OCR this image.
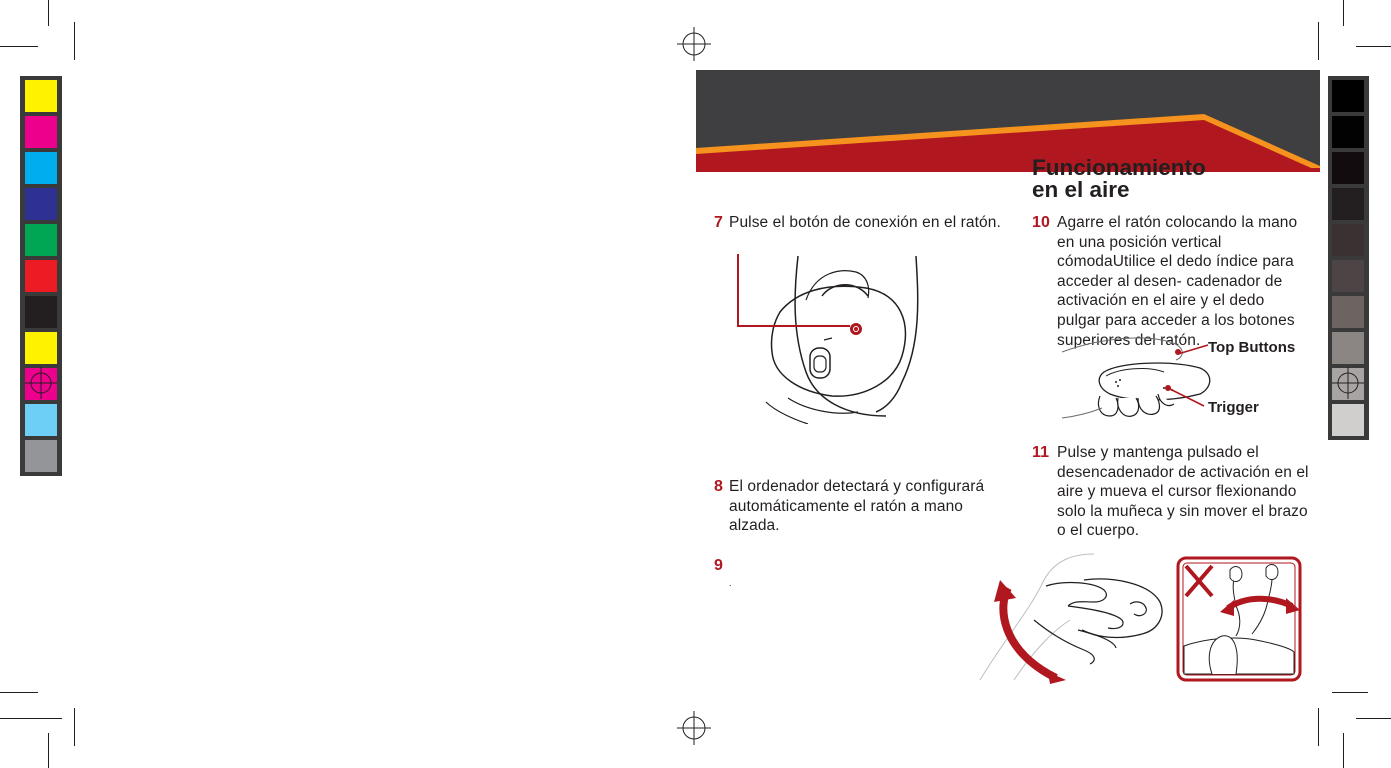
Funcionamiento
en el aire
7 Pulse el botón de conexión en el ratón.
8 El ordenador detectará y configurará automáticamente el ratón a mano alzada.
9
.
10 Agarre el ratón colocando la mano en una posición vertical cómodaUtilice el dedo índice para acceder al desen- cadenador de activación en el aire y el dedo pulgar para acceder a los botones superiores del ratón. Top Buttons
Trigger
11 Pulse y mantenga pulsado el desencadenador de activación en el aire y mueva el cursor flexionando solo la muñeca y sin mover el brazo o el cuerpo.
